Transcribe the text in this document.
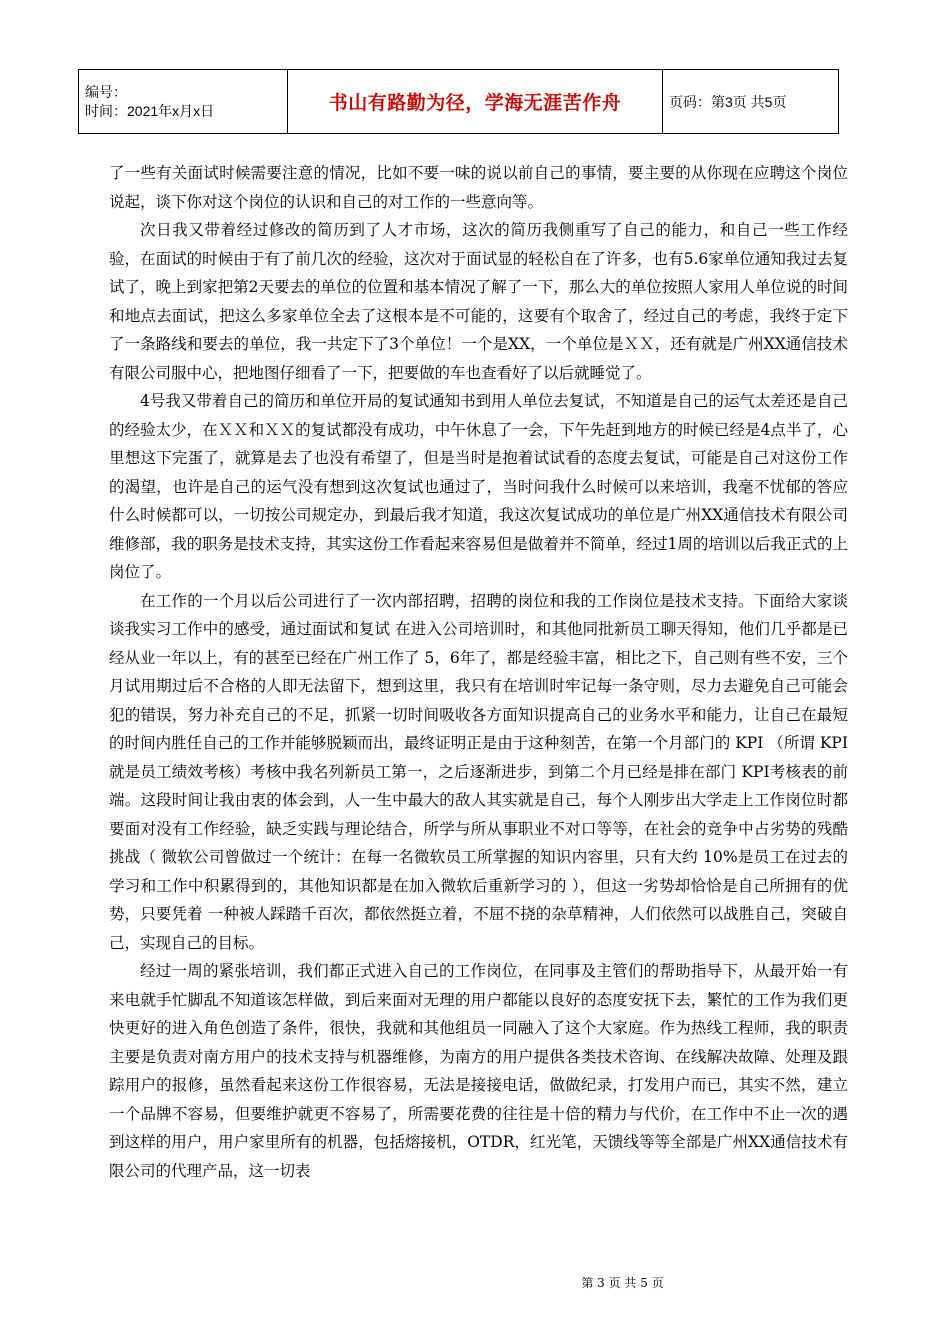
编号：
时间：2021年x月x日	书山有路勤为径，学海无涯苦作舟	页码：第3页 共5页

了一些有关面试时候需要注意的情况，比如不要一味的说以前自己的事情，要主要的从你现在应聘这个岗位说起，谈下你对这个岗位的认识和自己的对工作的一些意向等。

次日我又带着经过修改的简历到了人才市场，这次的简历我侧重写了自己的能力，和自己一些工作经验，在面试的时候由于有了前几次的经验，这次对于面试显的轻松自在了许多，也有5.6家单位通知我过去复试了，晚上到家把第2天要去的单位的位置和基本情况了解了一下，那么大的单位按照人家用人单位说的时间和地点去面试，把这么多家单位全去了这根本是不可能的，这要有个取舍了，经过自己的考虑，我终于定下了一条路线和要去的单位，我一共定下了3个单位！一个是XX，一个单位是ＸＸ，还有就是广州XX通信技术有限公司服中心，把地图仔细看了一下，把要做的车也查看好了以后就睡觉了。

4号我又带着自己的简历和单位开局的复试通知书到用人单位去复试，不知道是自己的运气太差还是自己的经验太少，在ＸＸ和ＸＸ的复试都没有成功，中午休息了一会，下午先赶到地方的时候已经是4点半了，心里想这下完蛋了，就算是去了也没有希望了，但是当时是抱着试试看的态度去复试，可能是自己对这份工作的渴望，也许是自己的运气没有想到这次复试也通过了，当时问我什么时候可以来培训，我毫不忧郁的答应什么时候都可以，一切按公司规定办，到最后我才知道，我这次复试成功的单位是广州XX通信技术有限公司维修部，我的职务是技术支持，其实这份工作看起来容易但是做着并不简单，经过1周的培训以后我正式的上岗位了。

在工作的一个月以后公司进行了一次内部招聘，招聘的岗位和我的工作岗位是技术支持。下面给大家谈谈我实习工作中的感受，通过面试和复试 在进入公司培训时，和其他同批新员工聊天得知，他们几乎都是已经从业一年以上，有的甚至已经在广州工作了 5，6年了，都是经验丰富，相比之下，自己则有些不安，三个月试用期过后不合格的人即无法留下，想到这里，我只有在培训时牢记每一条守则，尽力去避免自己可能会犯的错误，努力补充自己的不足，抓紧一切时间吸收各方面知识提高自己的业务水平和能力，让自己在最短的时间内胜任自己的工作并能够脱颖而出，最终证明正是由于这种刻苦，在第一个月部门的 KPI （所谓 KPI就是员工绩效考核）考核中我名列新员工第一，之后逐渐进步，到第二个月已经是排在部门 KPI考核表的前端。这段时间让我由衷的体会到，人一生中最大的敌人其实就是自己，每个人刚步出大学走上工作岗位时都要面对没有工作经验，缺乏实践与理论结合，所学与所从事职业不对口等等，在社会的竞争中占劣势的残酷挑战（ 微软公司曾做过一个统计：在每一名微软员工所掌握的知识内容里，只有大约 10%是员工在过去的学习和工作中积累得到的，其他知识都是在加入微软后重新学习的 ），但这一劣势却恰恰是自己所拥有的优势，只要凭着 一种被人踩踏千百次，都依然挺立着，不屈不挠的杂草精神，人们依然可以战胜自己，突破自己，实现自己的目标。

经过一周的紧张培训，我们都正式进入自己的工作岗位，在同事及主管们的帮助指导下，从最开始一有来电就手忙脚乱不知道该怎样做，到后来面对无理的用户都能以良好的态度安抚下去，繁忙的工作为我们更快更好的进入角色创造了条件，很快，我就和其他组员一同融入了这个大家庭。作为热线工程师，我的职责主要是负责对南方用户的技术支持与机器维修，为南方的用户提供各类技术咨询、在线解决故障、处理及跟踪用户的报修，虽然看起来这份工作很容易，无法是接接电话，做做纪录，打发用户而已，其实不然，建立一个品牌不容易，但要维护就更不容易了，所需要花费的往往是十倍的精力与代价，在工作中不止一次的遇到这样的用户，用户家里所有的机器，包括熔接机，OTDR，红光笔，天馈线等等全部是广州XX通信技术有限公司的代理产品，这一切表

第 3 页 共 5 页
